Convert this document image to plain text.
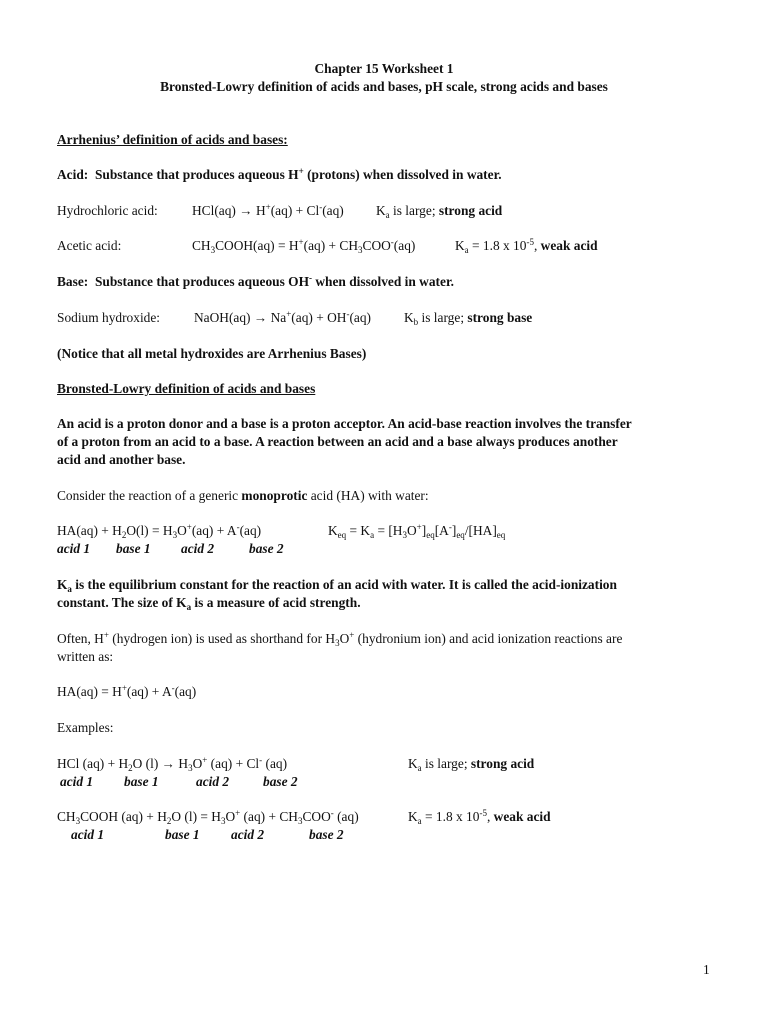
Chapter 15 Worksheet 1
Bronsted-Lowry definition of acids and bases, pH scale, strong acids and bases
Arrhenius’ definition of acids and bases:
Acid: Substance that produces aqueous H+ (protons) when dissolved in water.
Hydrochloric acid:	HCl(aq) → H+(aq) + Cl-(aq) $K_a$ is large; strong acid
Acetic acid:	$CH_3COOH(aq) = H^+(aq) + CH_3COO^-(aq)$	$K_a = 1.8$ x $10^{-5}$, weak acid
Base: Substance that produces aqueous OH- when dissolved in water.
Sodium hydroxide:	NaOH(aq) → Na+(aq) + OH-(aq) $K_b$ is large; strong base
(Notice that all metal hydroxides are Arrhenius Bases)
Bronsted-Lowry definition of acids and bases
An acid is a proton donor and a base is a proton acceptor. An acid-base reaction involves the transfer
of a proton from an acid to a base. A reaction between an acid and a base always produces another
acid and another base.
Consider the reaction of a generic monoprotic acid (HA) with water:
$HA(aq) + H_2O(l) = H_3O^+(aq) + A^-(aq)$	$K_{eq} = K_a = [H_3O^+]_{eq}[A^-]_{eq}/[HA]_{eq}$
acid 1 base 1 acid 2	base 2
$K_a$ is the equilibrium constant for the reaction of an acid with water. It is called the acid-ionization
constant. The size of $K_a$ is a measure of acid strength.
Often, H+ (hydrogen ion) is used as shorthand for $H_3O^+$ (hydronium ion) and acid ionization reactions are
written as:
HA(aq) = H+(aq) + A-(aq)
Examples:
HCl $(aq) + H_2O$ $(l) \to H_3O^+$ (aq) + Cl- (aq)	$K_a$ is large; strong acid
acid 1 base 1	acid 2	base 2
$CH_3COOH$ $(aq) + H_2O$ $(l) = H_3O^+$ $(aq) + CH_3COO^-$ (aq)	$K_a = 1.8$ x $10^{-5}$, weak acid
acid 1	base 1 acid 2	base 2
1
